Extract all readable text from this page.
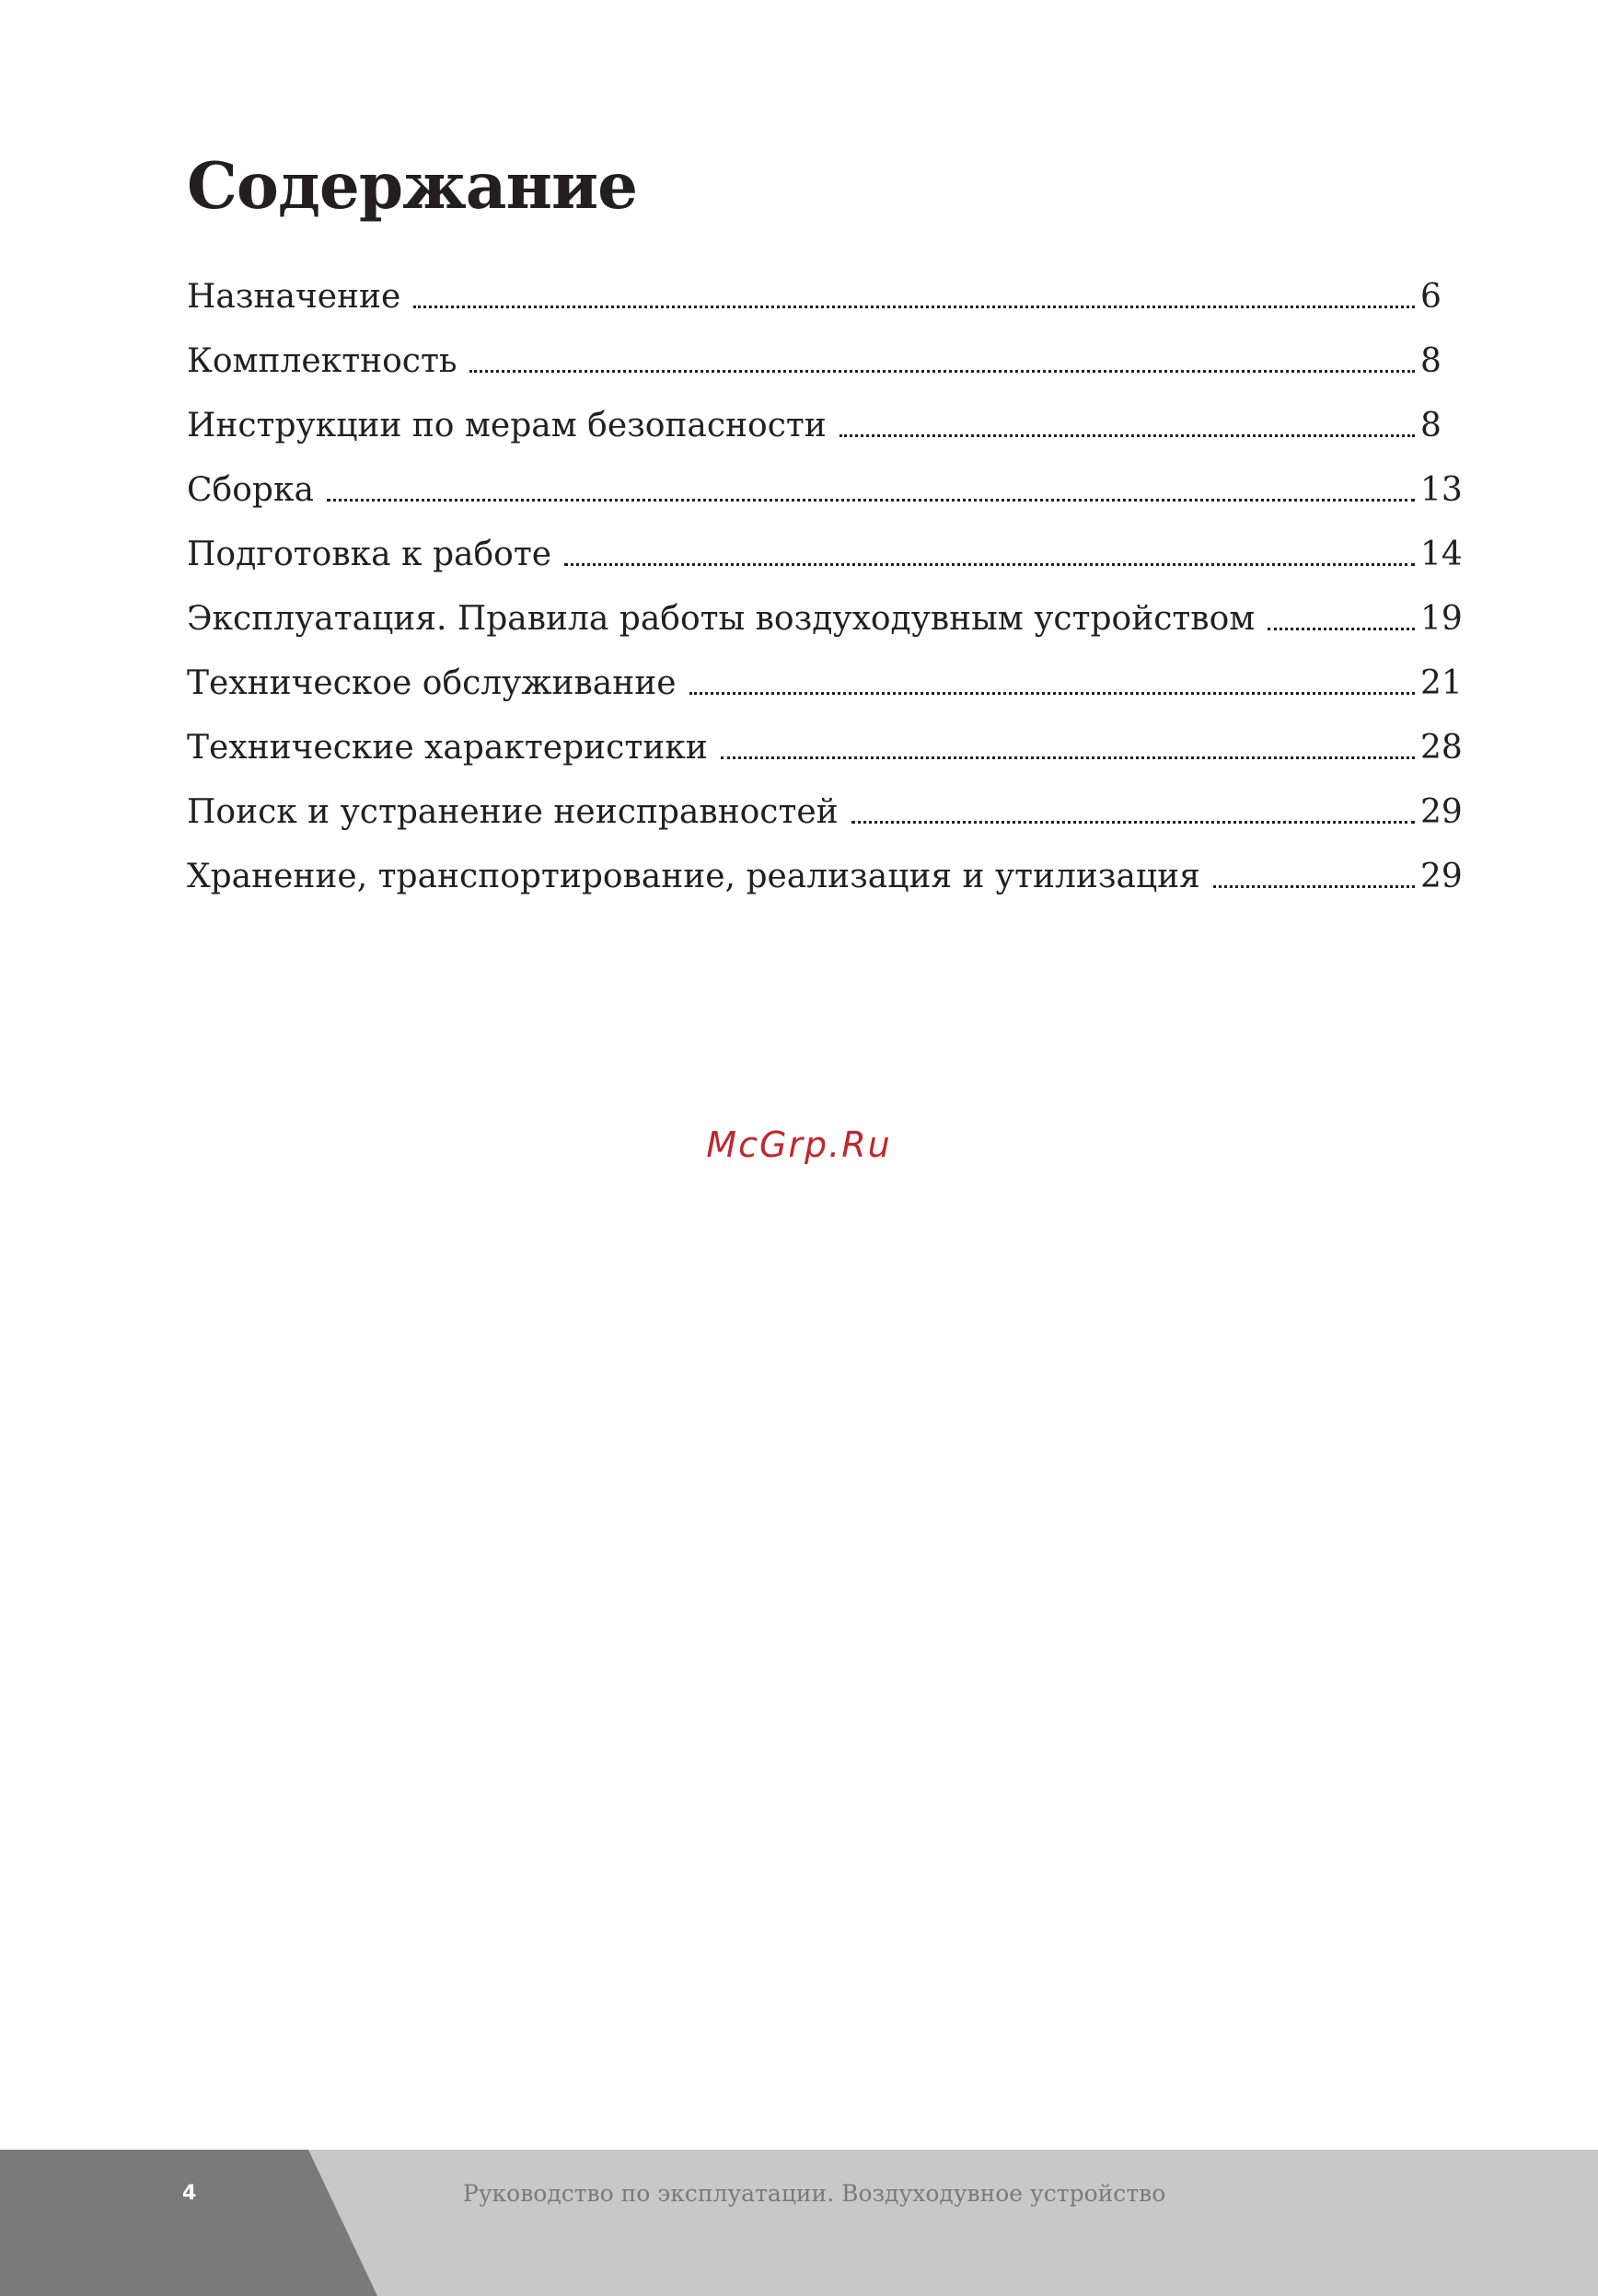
Содержание
Назначение	6
Комплектность	8
Инструкции по мерам безопасности	8
Сборка	13
Подготовка к работе	14
Эксплуатация. Правила работы воздуходувным устройством	19
Техническое обслуживание	21
Технические характеристики	28
Поиск и устранение неисправностей	29
Хранение, транспортирование, реализация и утилизация	29
McGrp.Ru
4	Руководство по эксплуатации. Воздуходувное устройство
